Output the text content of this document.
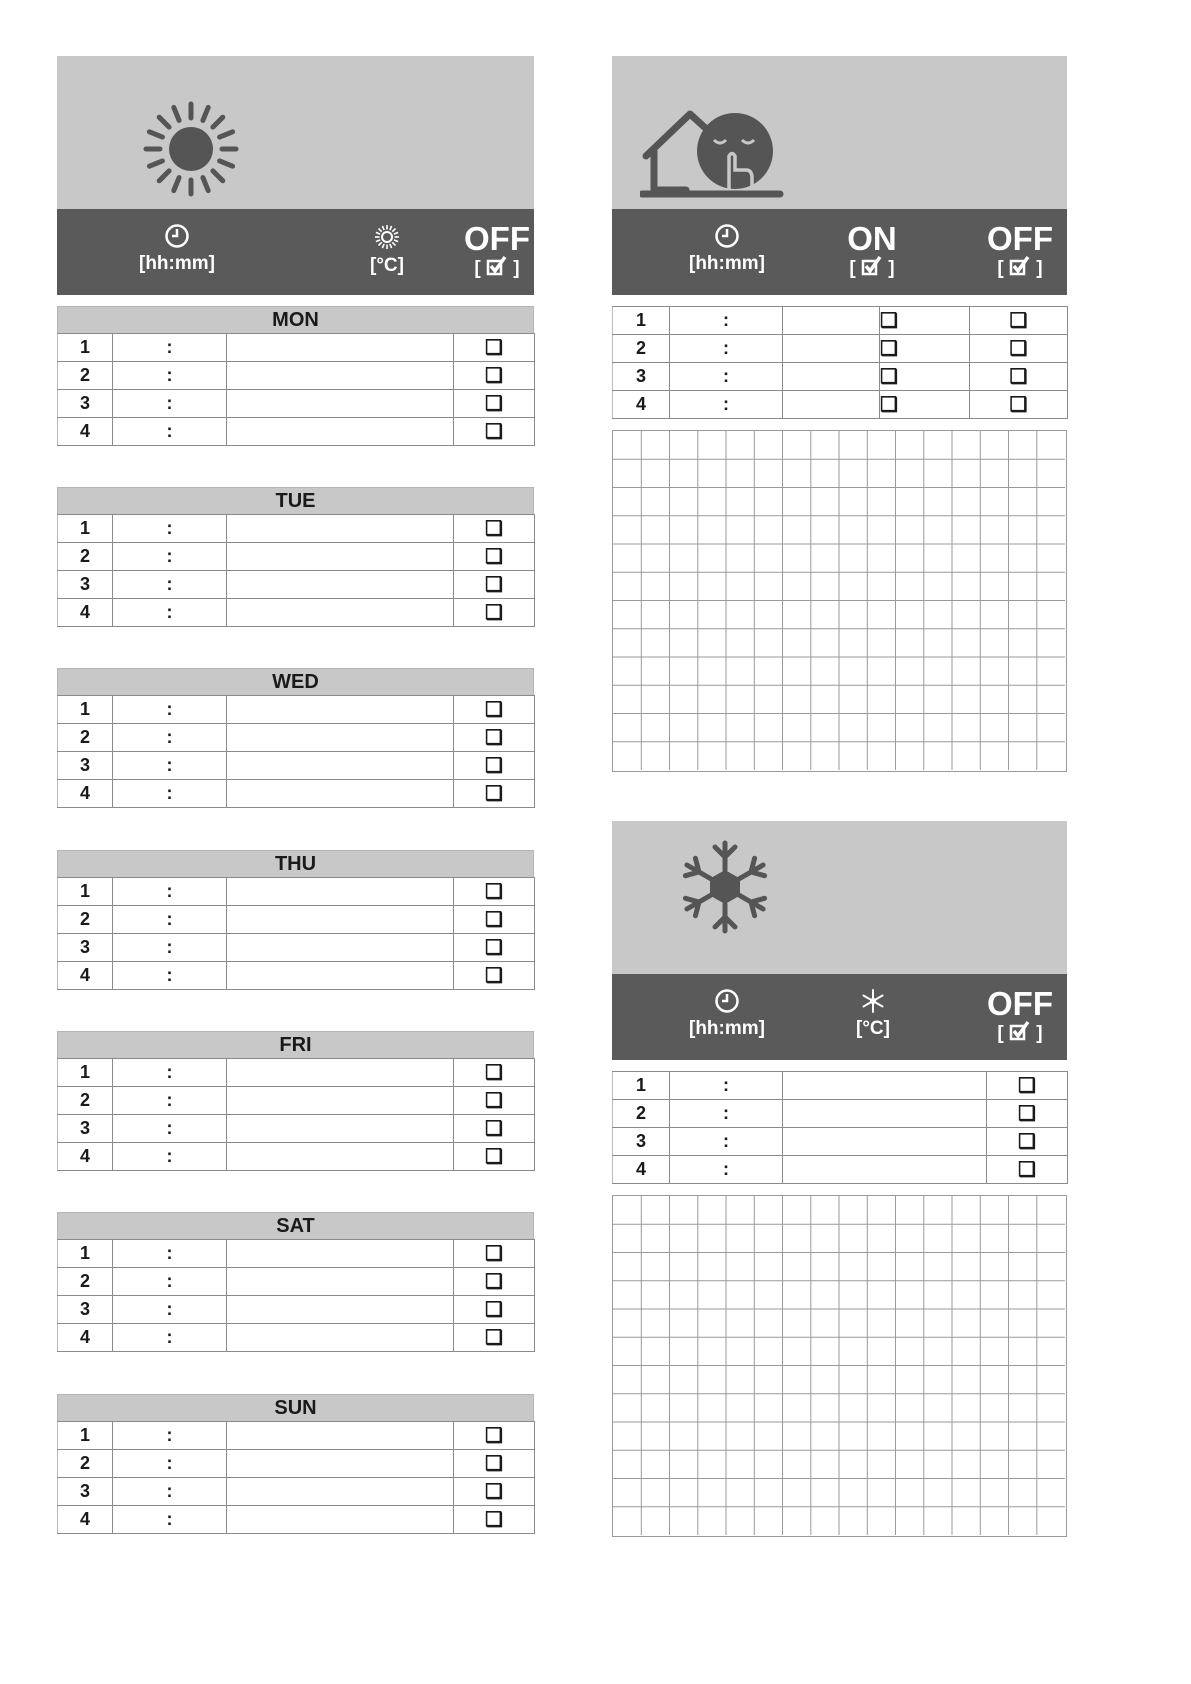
[hh:mm]	[°C]
OFF
[  ]
MON
1	:		❑
2	:		❑
3	:		❑
4	:		❑
TUE
1	:		❑
2	:		❑
3	:		❑
4	:		❑
WED
1	:		❑
2	:		❑
3	:		❑
4	:		❑
THU
1	:		❑
2	:		❑
3	:		❑
4	:		❑
FRI
1	:		❑
2	:		❑
3	:		❑
4	:		❑
SAT
1	:		❑
2	:		❑
3	:		❑
4	:		❑
SUN
1	:		❑
2	:		❑
3	:		❑
4	:		❑
[hh:mm]
ON
[  ]
OFF
[  ]
1	:		❑	❑
2	:		❑	❑
3	:		❑	❑
4	:		❑	❑
[hh:mm]	[°C]
OFF
[  ]
1	:		❑
2	:		❑
3	:		❑
4	:		❑
